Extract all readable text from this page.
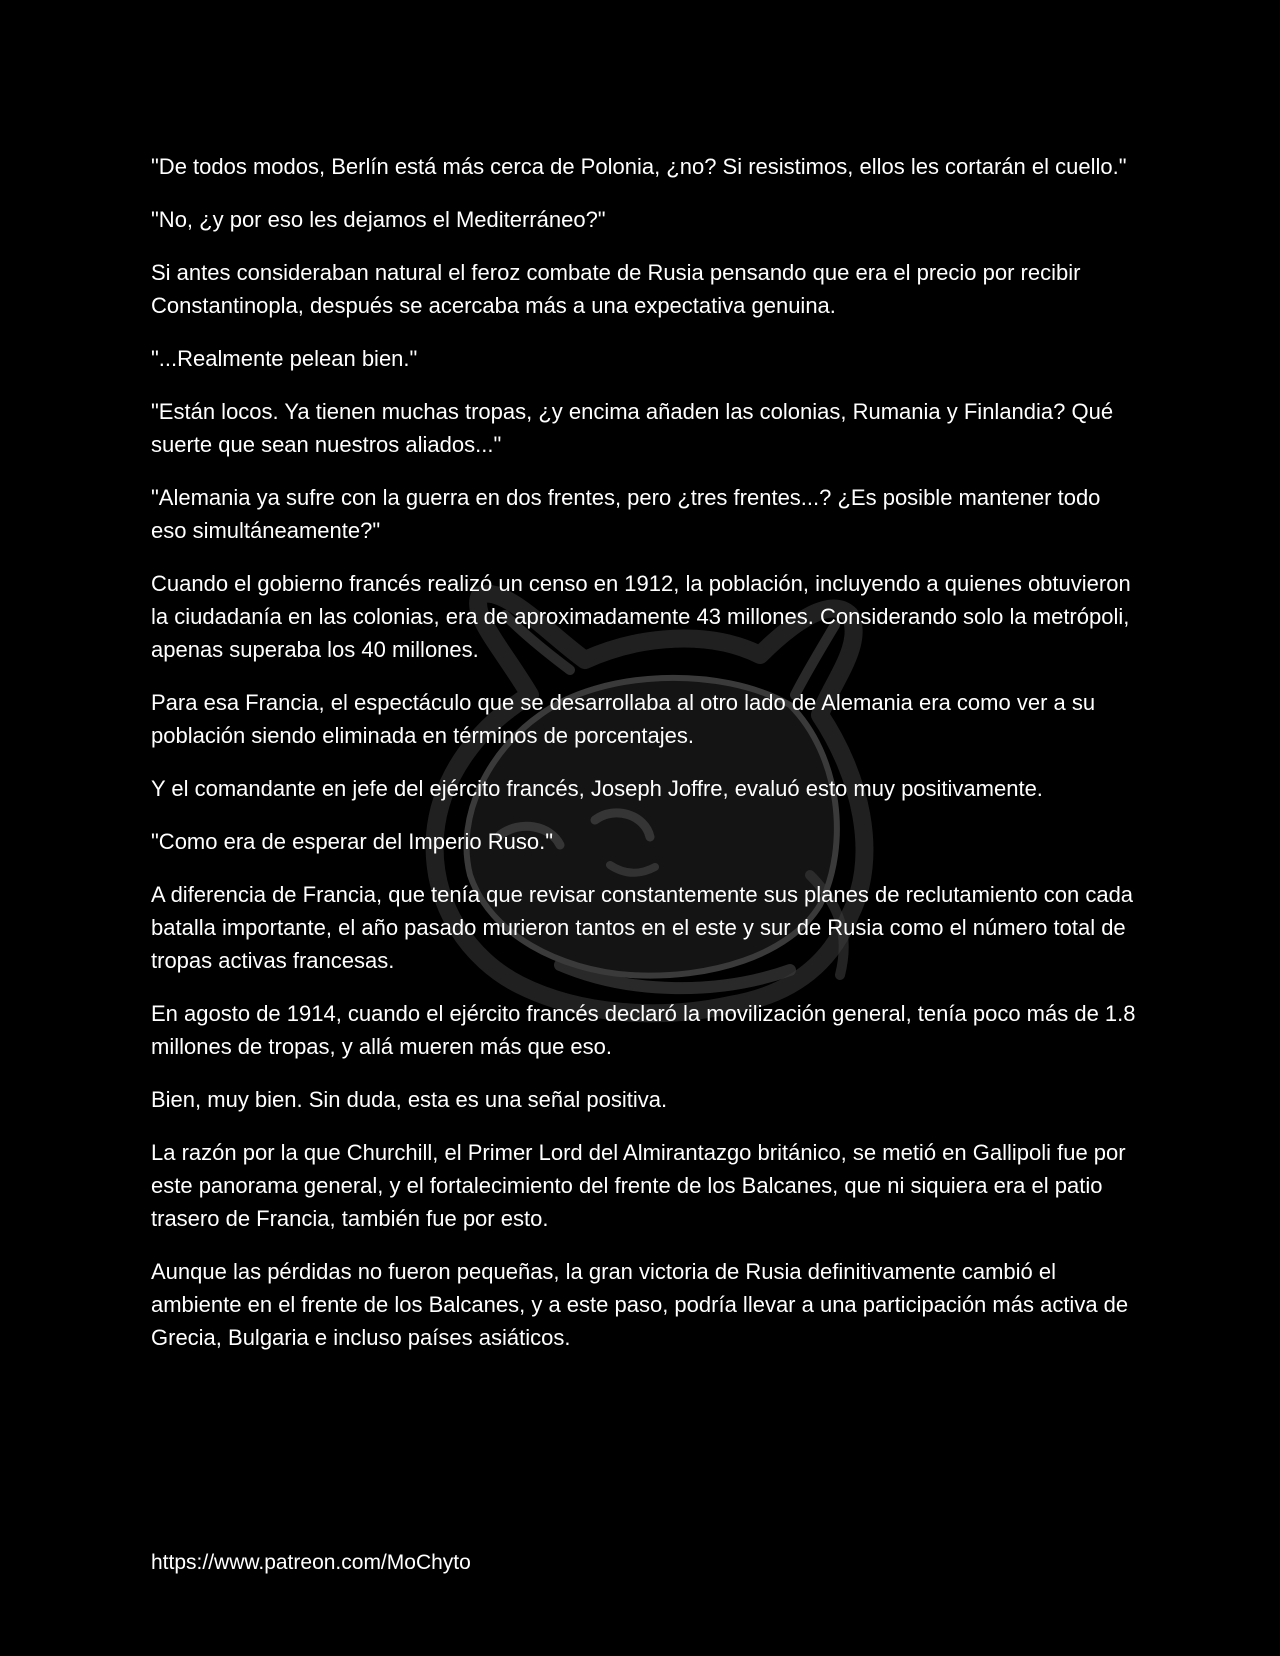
"De todos modos, Berlín está más cerca de Polonia, ¿no? Si resistimos, ellos les cortarán el cuello."

"No, ¿y por eso les dejamos el Mediterráneo?"

Si antes consideraban natural el feroz combate de Rusia pensando que era el precio por recibir Constantinopla, después se acercaba más a una expectativa genuina.

"...Realmente pelean bien."

"Están locos. Ya tienen muchas tropas, ¿y encima añaden las colonias, Rumania y Finlandia? Qué suerte que sean nuestros aliados..."

"Alemania ya sufre con la guerra en dos frentes, pero ¿tres frentes...? ¿Es posible mantener todo eso simultáneamente?"

Cuando el gobierno francés realizó un censo en 1912, la población, incluyendo a quienes obtuvieron la ciudadanía en las colonias, era de aproximadamente 43 millones. Considerando solo la metrópoli, apenas superaba los 40 millones.

Para esa Francia, el espectáculo que se desarrollaba al otro lado de Alemania era como ver a su población siendo eliminada en términos de porcentajes.

Y el comandante en jefe del ejército francés, Joseph Joffre, evaluó esto muy positivamente.

"Como era de esperar del Imperio Ruso."

A diferencia de Francia, que tenía que revisar constantemente sus planes de reclutamiento con cada batalla importante, el año pasado murieron tantos en el este y sur de Rusia como el número total de tropas activas francesas.

En agosto de 1914, cuando el ejército francés declaró la movilización general, tenía poco más de 1.8 millones de tropas, y allá mueren más que eso.

Bien, muy bien. Sin duda, esta es una señal positiva.

La razón por la que Churchill, el Primer Lord del Almirantazgo británico, se metió en Gallipoli fue por este panorama general, y el fortalecimiento del frente de los Balcanes, que ni siquiera era el patio trasero de Francia, también fue por esto.

Aunque las pérdidas no fueron pequeñas, la gran victoria de Rusia definitivamente cambió el ambiente en el frente de los Balcanes, y a este paso, podría llevar a una participación más activa de Grecia, Bulgaria e incluso países asiáticos.

https://www.patreon.com/MoChyto
